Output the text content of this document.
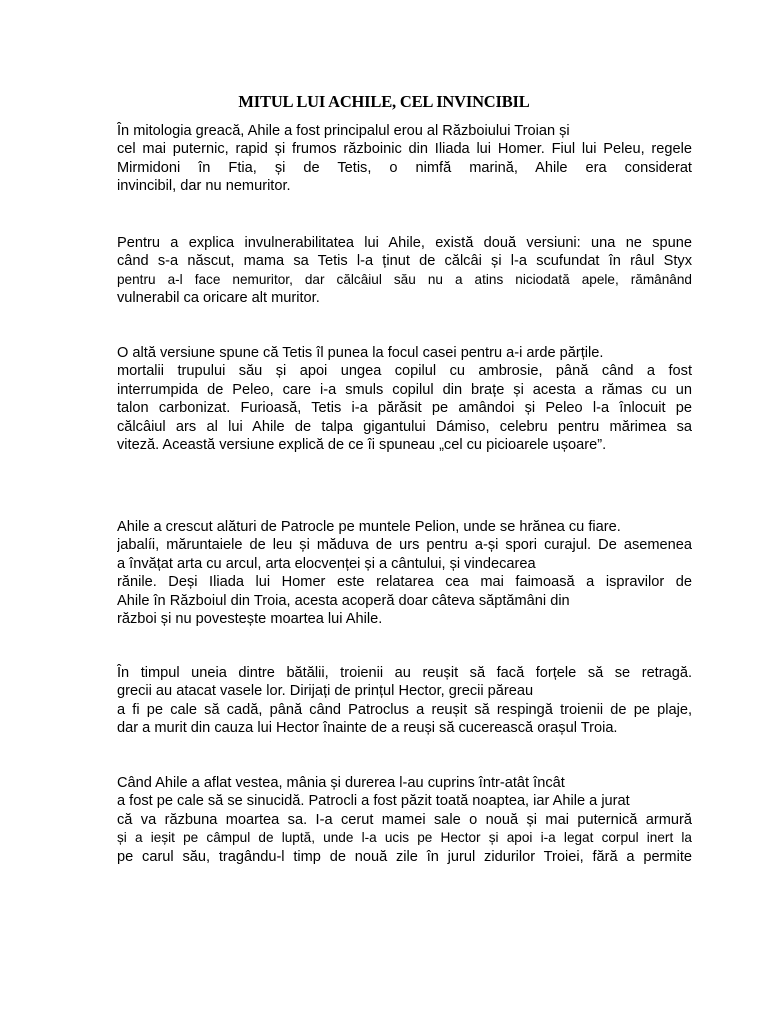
MITUL LUI ACHILE, CEL INVINCIBIL
În mitologia greacă, Ahile a fost principalul erou al Războiului Troian și
cel mai puternic, rapid și frumos războinic din Iliada lui Homer. Fiul lui Peleu, regele
Mirmidoni în Ftia, și de Tetis, o nimfă marină, Ahile era considerat
invincibil, dar nu nemuritor.
Pentru a explica invulnerabilitatea lui Ahile, există două versiuni: una ne spune
când s-a născut, mama sa Tetis l-a ținut de călcâi și l-a scufundat în râul Styx
pentru a-l face nemuritor, dar călcâiul său nu a atins niciodată apele, rămânând
vulnerabil ca oricare alt muritor.
O altă versiune spune că Tetis îl punea la focul casei pentru a-i arde părțile.
mortalii trupului său și apoi ungea copilul cu ambrosie, până când a fost
interrumpida de Peleo, care i-a smuls copilul din brațe și acesta a rămas cu un
talon carbonizat. Furioasă, Tetis i-a părăsit pe amândoi și Peleo l-a înlocuit pe
călcâiul ars al lui Ahile de talpa gigantului Dámiso, celebru pentru mărimea sa
viteză. Această versiune explică de ce îi spuneau „cel cu picioarele ușoare”.
Ahile a crescut alături de Patrocle pe muntele Pelion, unde se hrănea cu fiare.
jabalíi, măruntaiele de leu și măduva de urs pentru a-și spori curajul. De asemenea
a învățat arta cu arcul, arta elocvenței și a cântului, și vindecarea
rănile. Deși Iliada lui Homer este relatarea cea mai faimoasă a ispravilor de
Ahile în Războiul din Troia, acesta acoperă doar câteva săptămâni din
război și nu povestește moartea lui Ahile.
În timpul uneia dintre bătălii, troienii au reușit să facă forțele să se retragă.
grecii au atacat vasele lor. Dirijați de prințul Hector, grecii păreau
a fi pe cale să cadă, până când Patroclus a reușit să respingă troienii de pe plaje,
dar a murit din cauza lui Hector înainte de a reuși să cucerească orașul Troia.
Când Ahile a aflat vestea, mânia și durerea l-au cuprins într-atât încât
a fost pe cale să se sinucidă. Patrocli a fost păzit toată noaptea, iar Ahile a jurat
că va răzbuna moartea sa. I-a cerut mamei sale o nouă și mai puternică armură
și a ieșit pe câmpul de luptă, unde l-a ucis pe Hector și apoi i-a legat corpul inert la
pe carul său, tragându-l timp de nouă zile în jurul zidurilor Troiei, fără a permite
